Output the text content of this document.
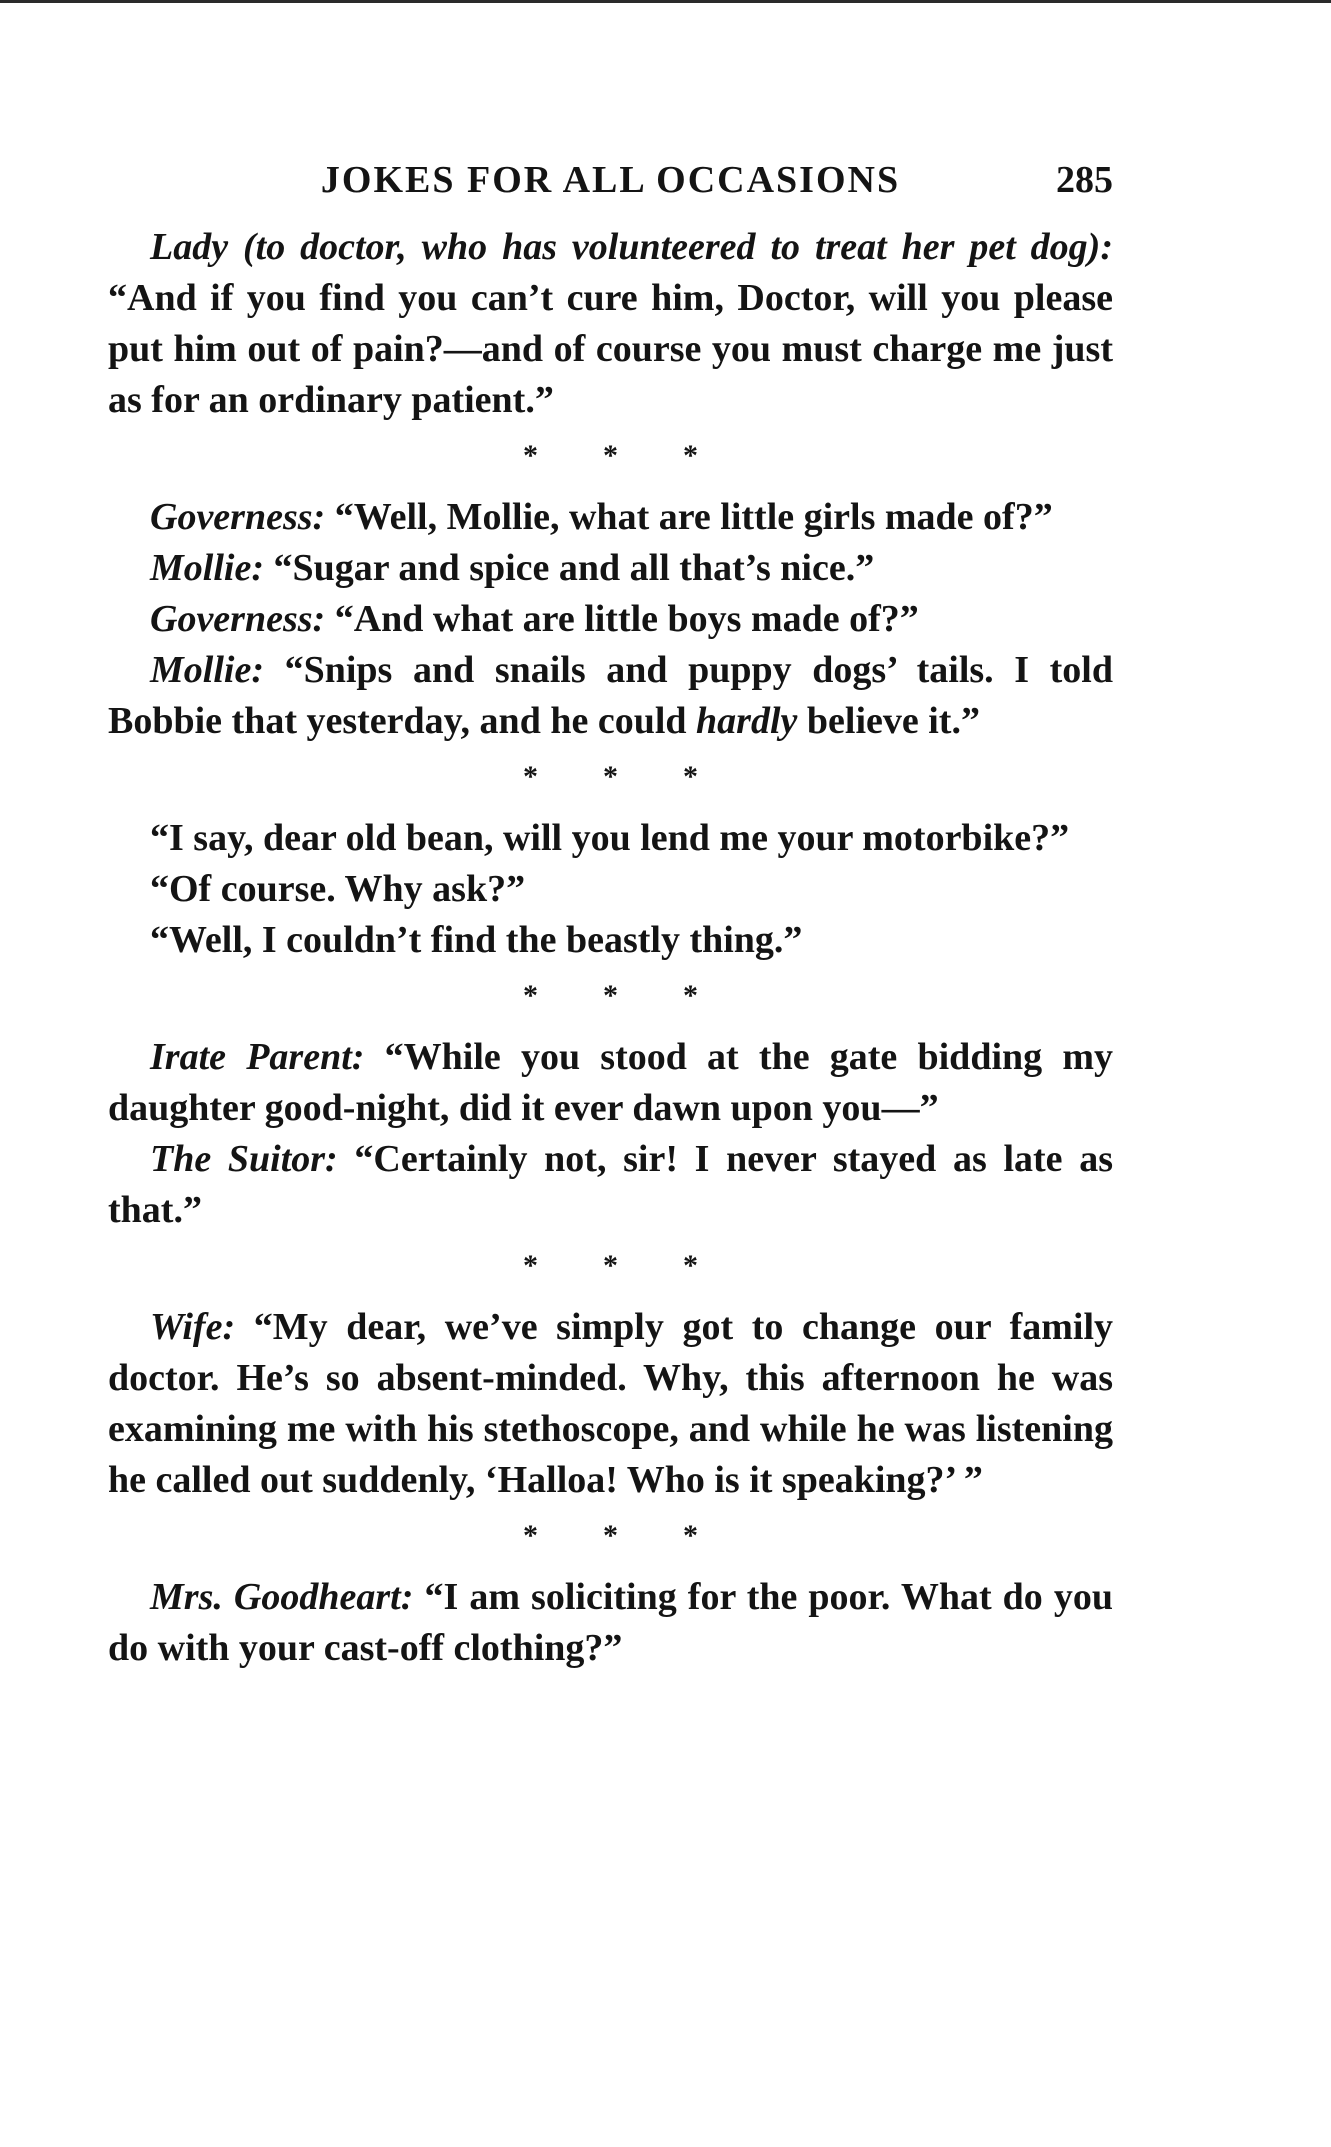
JOKES FOR ALL OCCASIONS	285

Lady (to doctor, who has volunteered to treat her pet dog): “And if you find you can’t cure him, Doctor, will you please put him out of pain?—and of course you must charge me just as for an ordinary patient.”

* * *

Governess: “Well, Mollie, what are little girls made of?”

Mollie: “Sugar and spice and all that’s nice.”

Governess: “And what are little boys made of?”

Mollie: “Snips and snails and puppy dogs’ tails. I told Bobbie that yesterday, and he could hardly believe it.”

* * *

“I say, dear old bean, will you lend me your motorbike?”

“Of course. Why ask?”

“Well, I couldn’t find the beastly thing.”

* * *

Irate Parent: “While you stood at the gate bidding my daughter good-night, did it ever dawn upon you—”

The Suitor: “Certainly not, sir! I never stayed as late as that.”

* * *

Wife: “My dear, we’ve simply got to change our family doctor. He’s so absent-minded. Why, this afternoon he was examining me with his stethoscope, and while he was listening he called out suddenly, ‘Halloa! Who is it speaking?’ ”

* * *

Mrs. Goodheart: “I am soliciting for the poor. What do you do with your cast-off clothing?”
